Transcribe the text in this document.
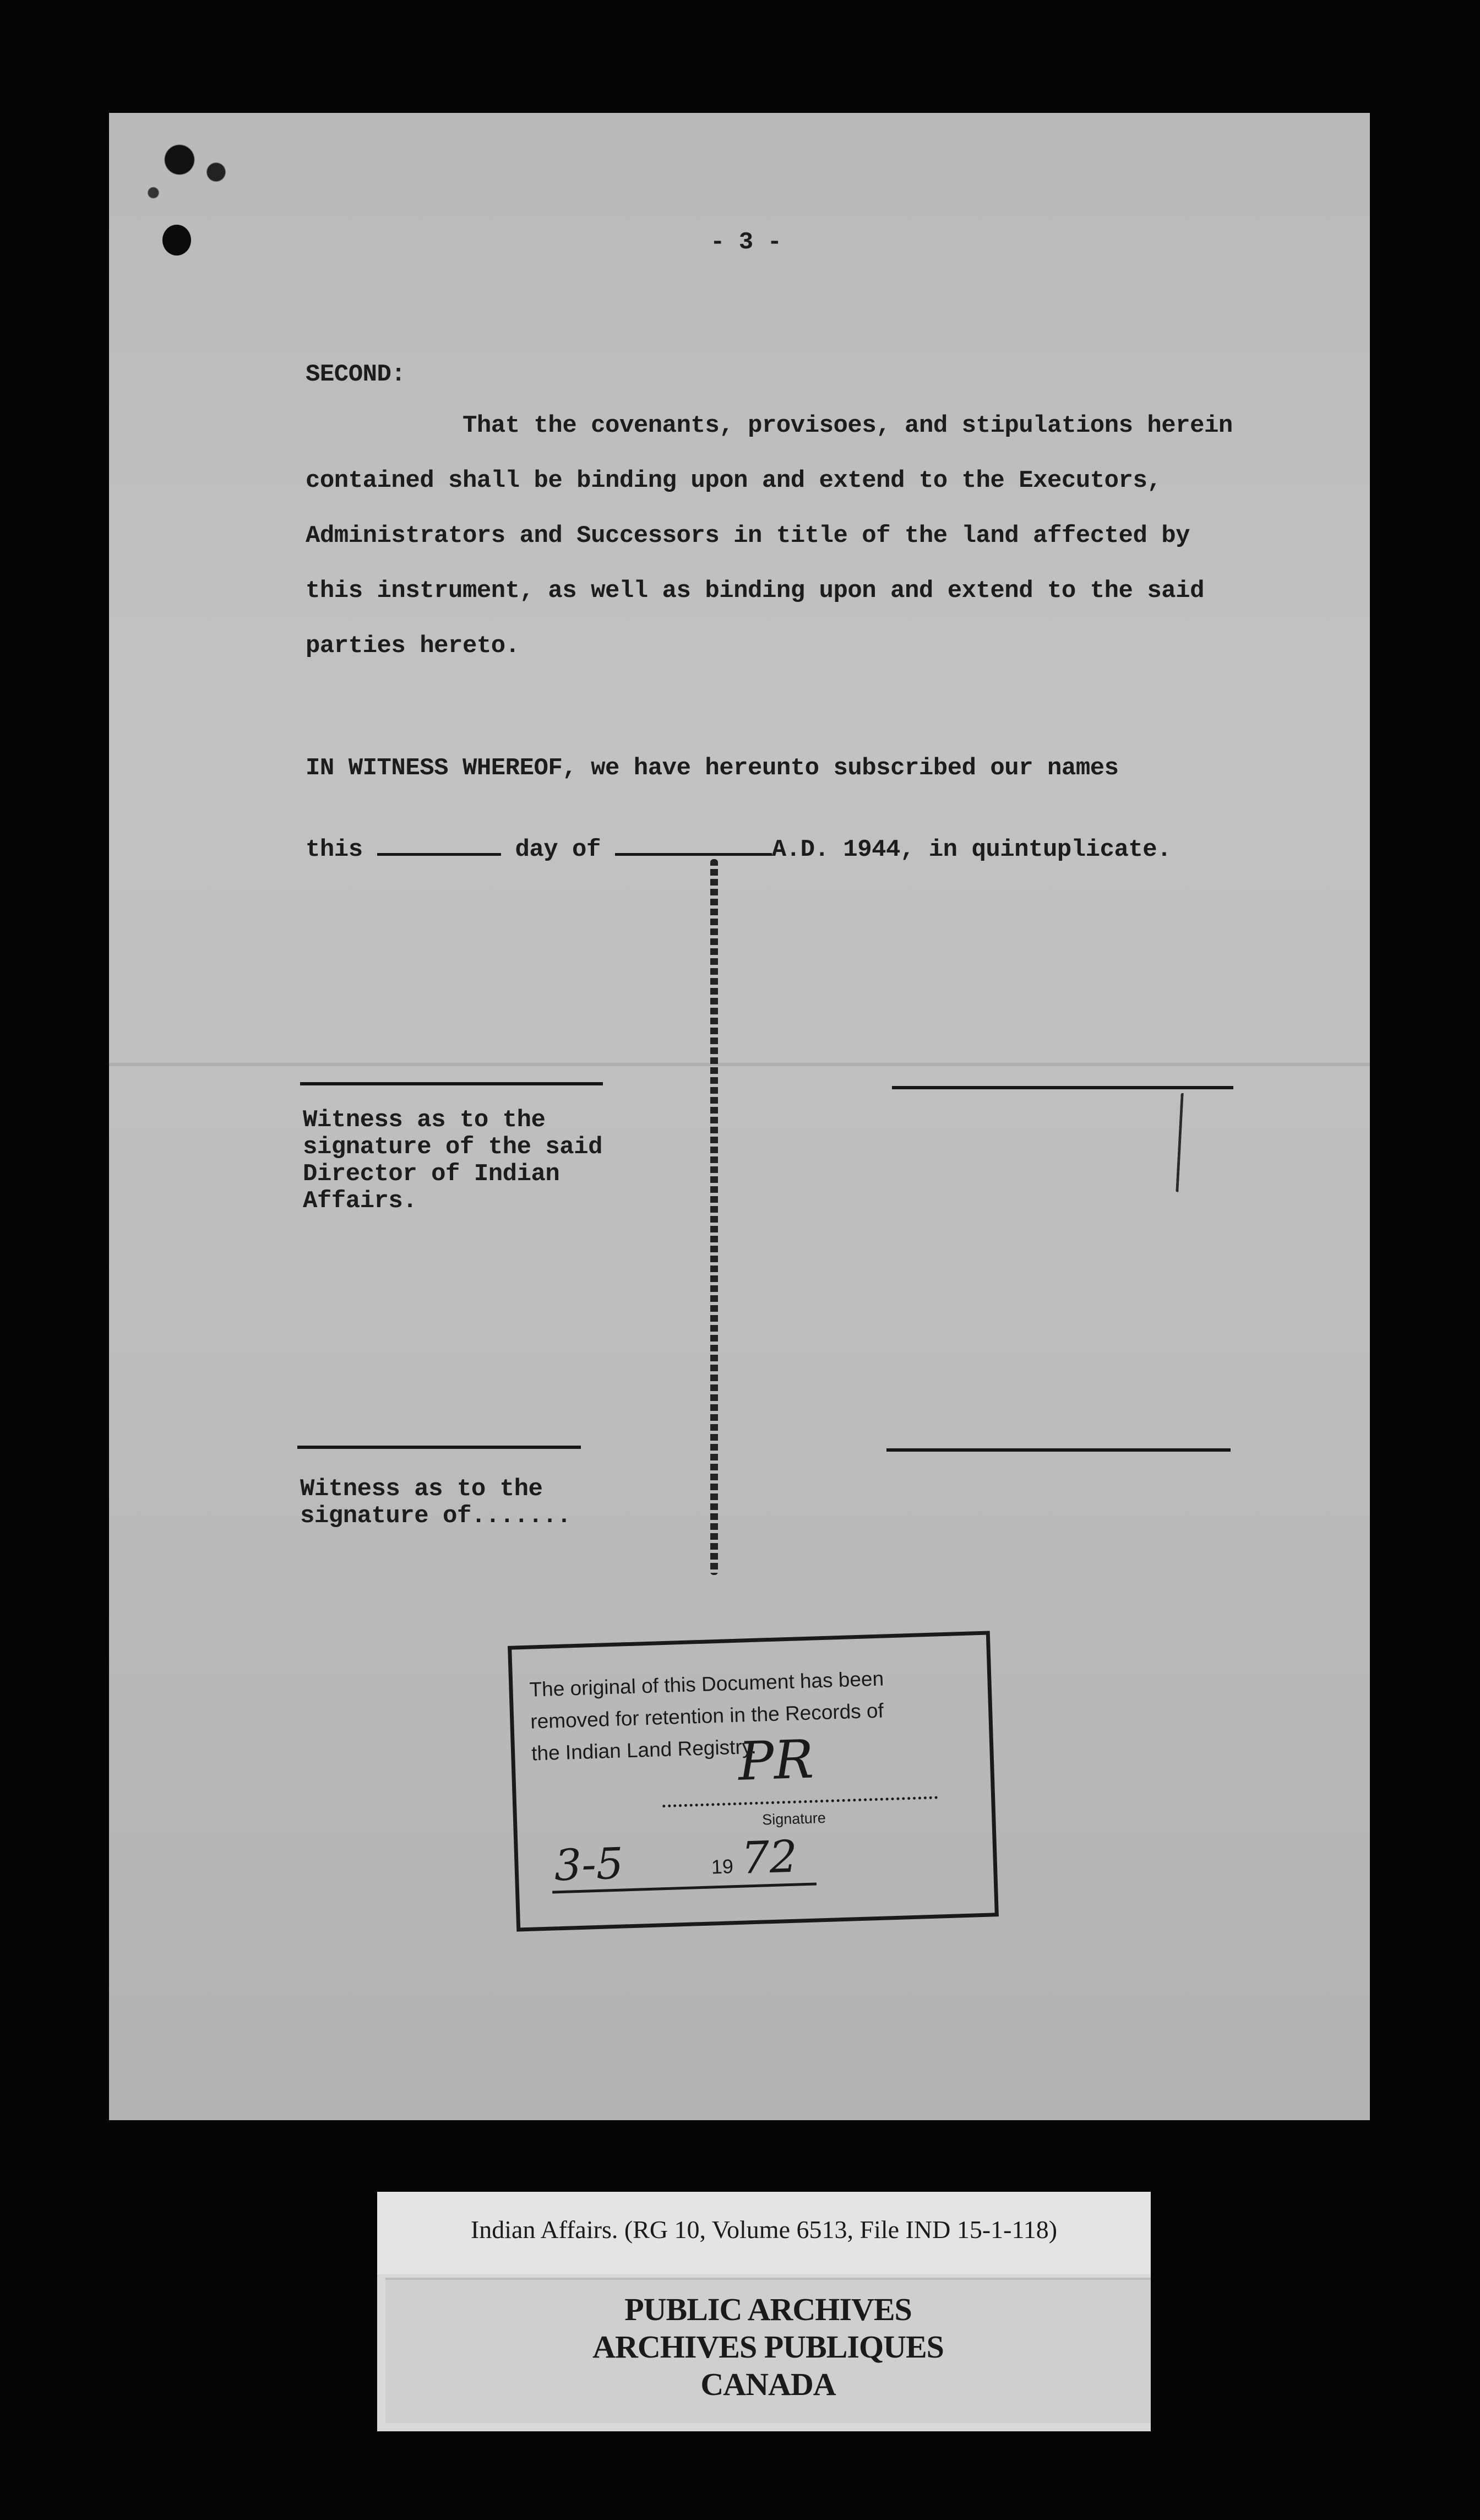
- 3 -

SECOND:

That the covenants, provisoes, and stipulations herein

contained shall be binding upon and extend to the Executors,

Administrators and Successors in title of the land affected by

this instrument, as well as binding upon and extend to the said

parties hereto.

IN WITNESS WHEREOF, we have hereunto subscribed our names

this	day of	A.D. 1944, in quintuplicate.

Witness as to the

signature of the said

Director of Indian

Affairs.

Witness as to the

signature of.......

The original of this Document has been
removed for retention in the Records of
the Indian Land Registry.

PR

Signature

3-5	19 72

Indian Affairs. (RG 10, Volume 6513, File IND 15-1-118)

PUBLIC ARCHIVES

ARCHIVES PUBLIQUES

CANADA
